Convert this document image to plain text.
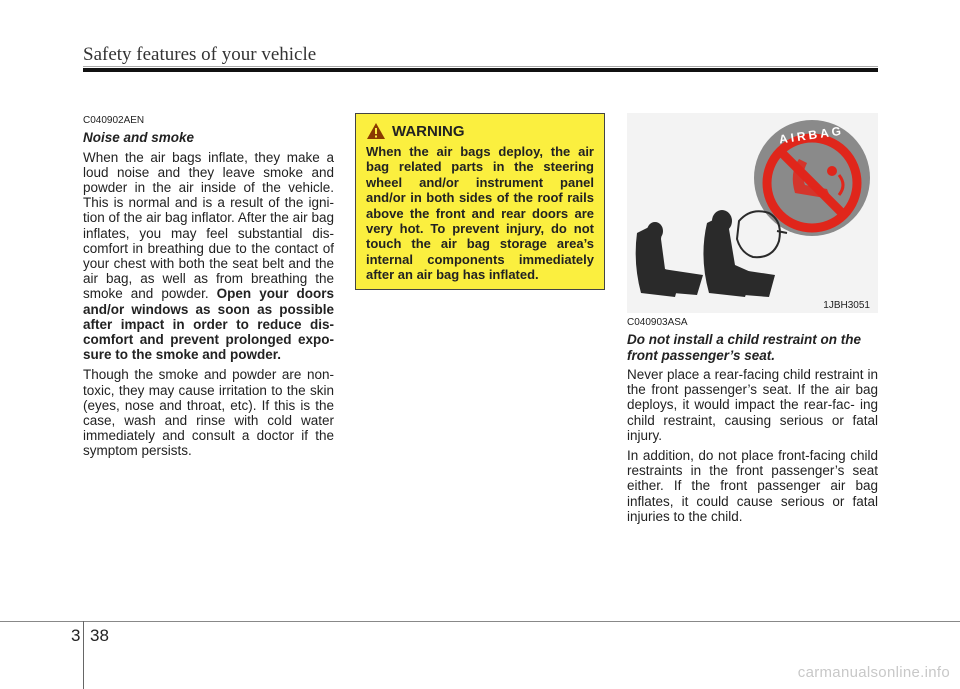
Safety features of your vehicle
C040902AEN
Noise and smoke

When the air bags inflate, they make a loud noise and they leave smoke and powder in the air inside of the vehicle. This is normal and is a result of the igni- tion of the air bag inflator. After the air bag inflates, you may feel substantial dis- comfort in breathing due to the contact of your chest with both the seat belt and the air bag, as well as from breathing the smoke and powder. Open your doors and/or windows as soon as possible after impact in order to reduce dis- comfort and prevent prolonged expo- sure to the smoke and powder.

Though the smoke and powder are non- toxic, they may cause irritation to the skin (eyes, nose and throat, etc). If this is the case, wash and rinse with cold water immediately and consult a doctor if the symptom persists.

WARNING
When the air bags deploy, the air bag related parts in the steering wheel and/or instrument panel and/or in both sides of the roof rails above the front and rear doors are very hot. To prevent injury, do not touch the air bag storage area’s internal components immediately after an air bag has inflated.
AIRBAG
1JBH3051
C040903ASA
Do not install a child restraint on the front passenger’s seat.

Never place a rear-facing child restraint in the front passenger’s seat. If the air bag deploys, it would impact the rear-fac- ing child restraint, causing serious or fatal injury.

In addition, do not place front-facing child restraints in the front passenger’s seat either. If the front passenger air bag inflates, it could cause serious or fatal injuries to the child.

3 38
carmanualsonline.info
